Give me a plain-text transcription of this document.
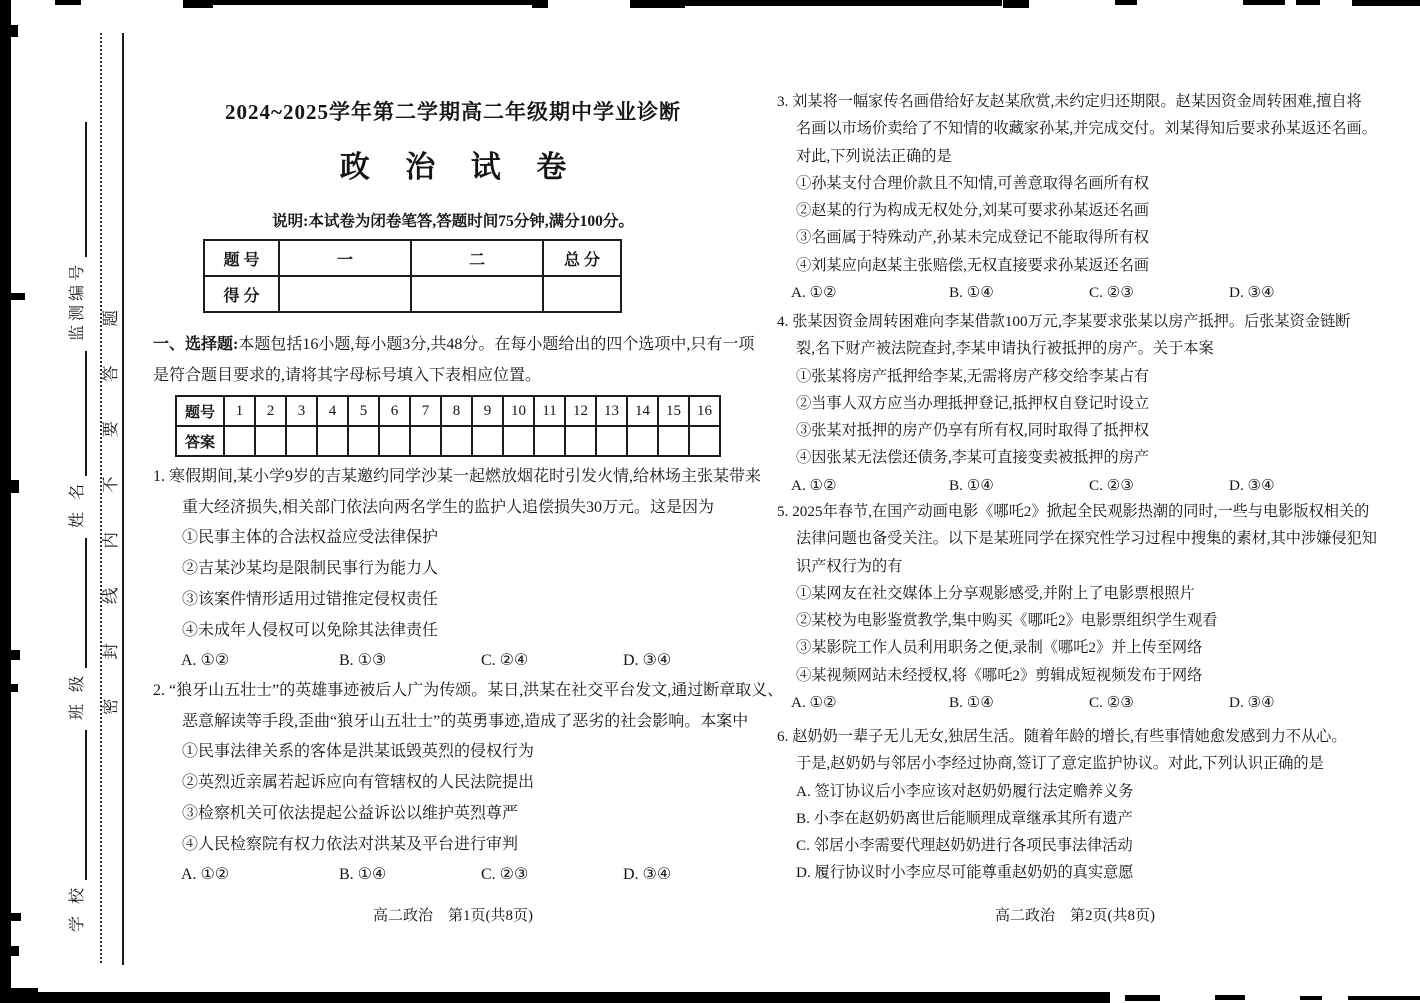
学 校
班 级
姓 名
监测编号 密封线内不要答题
2024~2025学年第二学期高二年级期中学业诊断
政 治 试 卷
说明:本试卷为闭卷笔答,答题时间75分钟,满分100分。
题 号	一	二	总 分
得 分			
一、选择题:本题包括16小题,每小题3分,共48分。在每小题给出的四个选项中,只有一项
是符合题目要求的,请将其字母标号填入下表相应位置。
题号	1	2	3	4	5	6	7	8	9	10	11	12	13	14	15	16
答案																
1. 寒假期间,某小学9岁的吉某邀约同学沙某一起燃放烟花时引发火情,给林场主张某带来
重大经济损失,相关部门依法向两名学生的监护人追偿损失30万元。这是因为
①民事主体的合法权益应受法律保护
②吉某沙某均是限制民事行为能力人
③该案件情形适用过错推定侵权责任
④未成年人侵权可以免除其法律责任
A. ①②	B. ①③	C. ②④	D. ③④
2. “狼牙山五壮士”的英雄事迹被后人广为传颂。某日,洪某在社交平台发文,通过断章取义、
恶意解读等手段,歪曲“狼牙山五壮士”的英勇事迹,造成了恶劣的社会影响。本案中
①民事法律关系的客体是洪某诋毁英烈的侵权行为
②英烈近亲属若起诉应向有管辖权的人民法院提出
③检察机关可依法提起公益诉讼以维护英烈尊严
④人民检察院有权力依法对洪某及平台进行审判
A. ①②	B. ①④	C. ②③	D. ③④
高二政治　第1页(共8页)
3. 刘某将一幅家传名画借给好友赵某欣赏,未约定归还期限。赵某因资金周转困难,擅自将
名画以市场价卖给了不知情的收藏家孙某,并完成交付。刘某得知后要求孙某返还名画。
对此,下列说法正确的是
①孙某支付合理价款且不知情,可善意取得名画所有权
②赵某的行为构成无权处分,刘某可要求孙某返还名画
③名画属于特殊动产,孙某未完成登记不能取得所有权
④刘某应向赵某主张赔偿,无权直接要求孙某返还名画
A. ①②	B. ①④	C. ②③	D. ③④
4. 张某因资金周转困难向李某借款100万元,李某要求张某以房产抵押。后张某资金链断
裂,名下财产被法院查封,李某申请执行被抵押的房产。关于本案
①张某将房产抵押给李某,无需将房产移交给李某占有
②当事人双方应当办理抵押登记,抵押权自登记时设立
③张某对抵押的房产仍享有所有权,同时取得了抵押权
④因张某无法偿还债务,李某可直接变卖被抵押的房产
A. ①②	B. ①④	C. ②③	D. ③④
5. 2025年春节,在国产动画电影《哪吒2》掀起全民观影热潮的同时,一些与电影版权相关的
法律问题也备受关注。以下是某班同学在探究性学习过程中搜集的素材,其中涉嫌侵犯知
识产权行为的有
①某网友在社交媒体上分享观影感受,并附上了电影票根照片
②某校为电影鉴赏教学,集中购买《哪吒2》电影票组织学生观看
③某影院工作人员利用职务之便,录制《哪吒2》并上传至网络
④某视频网站未经授权,将《哪吒2》剪辑成短视频发布于网络
A. ①②	B. ①④	C. ②③	D. ③④
6. 赵奶奶一辈子无儿无女,独居生活。随着年龄的增长,有些事情她愈发感到力不从心。
于是,赵奶奶与邻居小李经过协商,签订了意定监护协议。对此,下列认识正确的是
A. 签订协议后小李应该对赵奶奶履行法定赡养义务
B. 小李在赵奶奶离世后能顺理成章继承其所有遗产
C. 邻居小李需要代理赵奶奶进行各项民事法律活动
D. 履行协议时小李应尽可能尊重赵奶奶的真实意愿
高二政治　第2页(共8页)
